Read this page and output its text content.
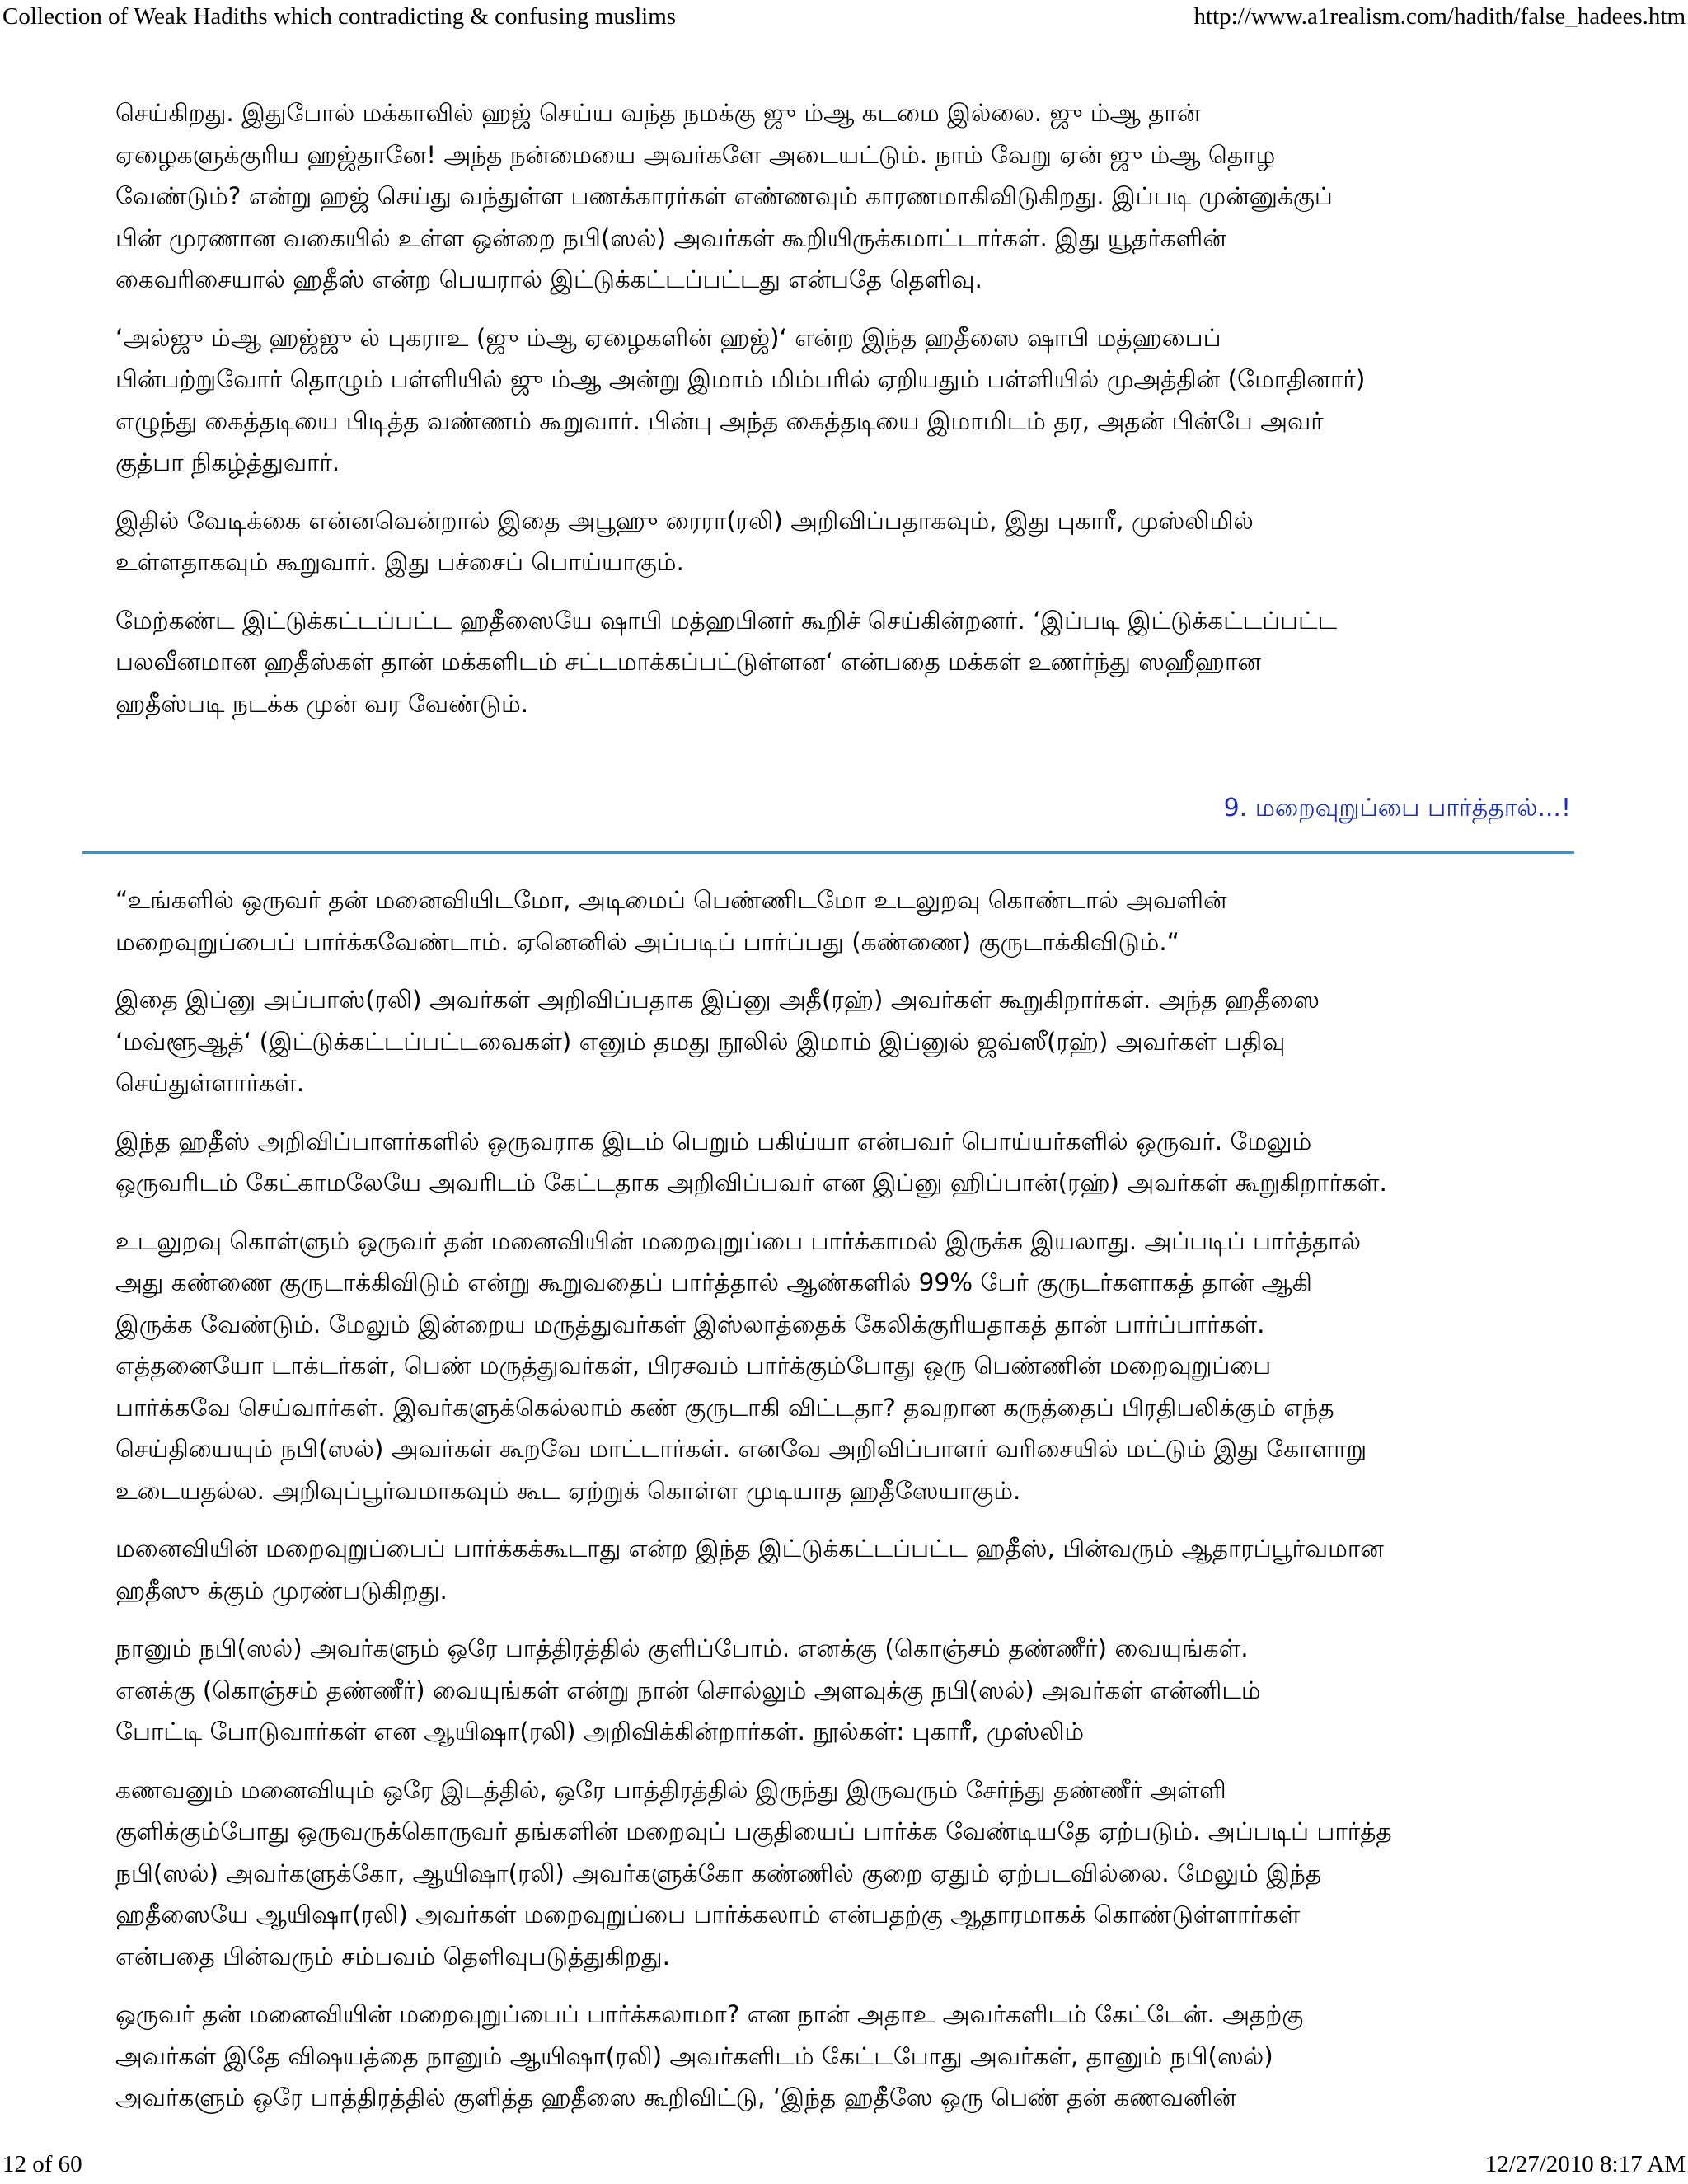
Collection of Weak Hadiths which contradicting & confusing muslims	http://www.a1realism.com/hadith/false_hadees.htm

செய்கிறது. இதுபோல் மக்காவில் ஹஜ் செய்ய வந்த நமக்கு ஜு ம்ஆ கடமை இல்லை. ஜு ம்ஆ தான்
ஏழைகளுக்குரிய ஹஜ்தானே! அந்த நன்மையை அவர்களே அடையட்டும். நாம் வேறு ஏன் ஜு ம்ஆ தொழ
வேண்டும்? என்று ஹஜ் செய்து வந்துள்ள பணக்காரர்கள் எண்ணவும் காரணமாகிவிடுகிறது. இப்படி முன்னுக்குப்
பின் முரணான வகையில் உள்ள ஒன்றை நபி(ஸல்) அவர்கள் கூறியிருக்கமாட்டார்கள். இது யூதர்களின்
கைவரிசையால் ஹதீஸ் என்ற பெயரால் இட்டுக்கட்டப்பட்டது என்பதே தெளிவு.

‘அல்ஜு ம்ஆ ஹஜ்ஜு ல் புகராஉ (ஜு ம்ஆ ஏழைகளின் ஹஜ்)‘ என்ற இந்த ஹதீஸை ஷாபி மத்ஹபைப்
பின்பற்றுவோர் தொழும் பள்ளியில் ஜு ம்ஆ அன்று இமாம் மிம்பரில் ஏறியதும் பள்ளியில் முஅத்தின் (மோதினார்)
எழுந்து கைத்தடியை பிடித்த வண்ணம் கூறுவார். பின்பு அந்த கைத்தடியை இமாமிடம் தர, அதன் பின்பே அவர்
குத்பா நிகழ்த்துவார்.

இதில் வேடிக்கை என்னவென்றால் இதை அபூஹு ரைரா(ரலி) அறிவிப்பதாகவும், இது புகாரீ, முஸ்லிமில்
உள்ளதாகவும் கூறுவார். இது பச்சைப் பொய்யாகும்.

மேற்கண்ட இட்டுக்கட்டப்பட்ட ஹதீஸையே ஷாபி மத்ஹபினர் கூறிச் செய்கின்றனர். ‘இப்படி இட்டுக்கட்டப்பட்ட
பலவீனமான ஹதீஸ்கள் தான் மக்களிடம் சட்டமாக்கப்பட்டுள்ளன‘ என்பதை மக்கள் உணர்ந்து ஸஹீஹான
ஹதீஸ்படி நடக்க முன் வர வேண்டும்.

9. மறைவுறுப்பை பார்த்தால்...!

“உங்களில் ஒருவர் தன் மனைவியிடமோ, அடிமைப் பெண்ணிடமோ உடலுறவு கொண்டால் அவளின்
மறைவுறுப்பைப் பார்க்கவேண்டாம். ஏனெனில் அப்படிப் பார்ப்பது (கண்ணை) குருடாக்கிவிடும்.“

இதை இப்னு அப்பாஸ்(ரலி) அவர்கள் அறிவிப்பதாக இப்னு அதீ(ரஹ்) அவர்கள் கூறுகிறார்கள். அந்த ஹதீஸை
‘மவ்ளூஆத்‘ (இட்டுக்கட்டப்பட்டவைகள்) எனும் தமது நூலில் இமாம் இப்னுல் ஜவ்ஸீ(ரஹ்) அவர்கள் பதிவு
செய்துள்ளார்கள்.

இந்த ஹதீஸ் அறிவிப்பாளர்களில் ஒருவராக இடம் பெறும் பகிய்யா என்பவர் பொய்யர்களில் ஒருவர். மேலும்
ஒருவரிடம் கேட்காமலேயே அவரிடம் கேட்டதாக அறிவிப்பவர் என இப்னு ஹிப்பான்(ரஹ்) அவர்கள் கூறுகிறார்கள்.

உடலுறவு கொள்ளும் ஒருவர் தன் மனைவியின் மறைவுறுப்பை பார்க்காமல் இருக்க இயலாது. அப்படிப் பார்த்தால்
அது கண்ணை குருடாக்கிவிடும் என்று கூறுவதைப் பார்த்தால் ஆண்களில் 99% பேர் குருடர்களாகத் தான் ஆகி
இருக்க வேண்டும். மேலும் இன்றைய மருத்துவர்கள் இஸ்லாத்தைக் கேலிக்குரியதாகத் தான் பார்ப்பார்கள்.
எத்தனையோ டாக்டர்கள், பெண் மருத்துவர்கள், பிரசவம் பார்க்கும்போது ஒரு பெண்ணின் மறைவுறுப்பை
பார்க்கவே செய்வார்கள். இவர்களுக்கெல்லாம் கண் குருடாகி விட்டதா? தவறான கருத்தைப் பிரதிபலிக்கும் எந்த
செய்தியையும் நபி(ஸல்) அவர்கள் கூறவே மாட்டார்கள். எனவே அறிவிப்பாளர் வரிசையில் மட்டும் இது கோளாறு
உடையதல்ல. அறிவுப்பூர்வமாகவும் கூட ஏற்றுக் கொள்ள முடியாத ஹதீஸேயாகும்.

மனைவியின் மறைவுறுப்பைப் பார்க்கக்கூடாது என்ற இந்த இட்டுக்கட்டப்பட்ட ஹதீஸ், பின்வரும் ஆதாரப்பூர்வமான
ஹதீஸு க்கும் முரண்படுகிறது.

நானும் நபி(ஸல்) அவர்களும் ஒரே பாத்திரத்தில் குளிப்போம். எனக்கு (கொஞ்சம் தண்ணீர்) வையுங்கள்.
எனக்கு (கொஞ்சம் தண்ணீர்) வையுங்கள் என்று நான் சொல்லும் அளவுக்கு நபி(ஸல்) அவர்கள் என்னிடம்
போட்டி போடுவார்கள் என ஆயிஷா(ரலி) அறிவிக்கின்றார்கள். நூல்கள்: புகாரீ, முஸ்லிம்

கணவனும் மனைவியும் ஒரே இடத்தில், ஒரே பாத்திரத்தில் இருந்து இருவரும் சேர்ந்து தண்ணீர் அள்ளி
குளிக்கும்போது ஒருவருக்கொருவர் தங்களின் மறைவுப் பகுதியைப் பார்க்க வேண்டியதே ஏற்படும். அப்படிப் பார்த்த
நபி(ஸல்) அவர்களுக்கோ, ஆயிஷா(ரலி) அவர்களுக்கோ கண்ணில் குறை ஏதும் ஏற்படவில்லை. மேலும் இந்த
ஹதீஸையே ஆயிஷா(ரலி) அவர்கள் மறைவுறுப்பை பார்க்கலாம் என்பதற்கு ஆதாரமாகக் கொண்டுள்ளார்கள்
என்பதை பின்வரும் சம்பவம் தெளிவுபடுத்துகிறது.

ஒருவர் தன் மனைவியின் மறைவுறுப்பைப் பார்க்கலாமா? என நான் அதாஉ அவர்களிடம் கேட்டேன். அதற்கு
அவர்கள் இதே விஷயத்தை நானும் ஆயிஷா(ரலி) அவர்களிடம் கேட்டபோது அவர்கள், தானும் நபி(ஸல்)
அவர்களும் ஒரே பாத்திரத்தில் குளித்த ஹதீஸை கூறிவிட்டு, ‘இந்த ஹதீஸே ஒரு பெண் தன் கணவனின்

12 of 60	12/27/2010 8:17 AM
